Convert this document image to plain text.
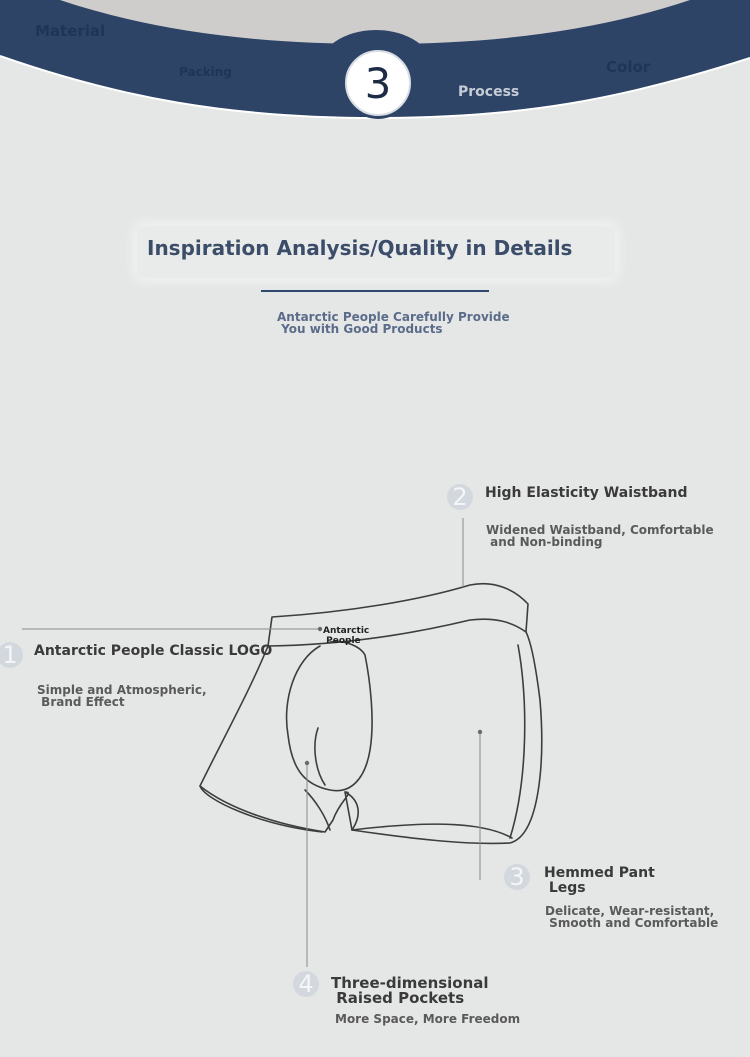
Material
Packing
Process
Color
3
Inspiration Analysis/Quality in Details
Antarctic People Carefully Provide
You with Good Products
Antarctic
People
1	Antarctic People Classic LOGO
Simple and Atmospheric,
Brand Effect
2	High Elasticity Waistband
Widened Waistband, Comfortable
and Non-binding
3	Hemmed Pant
Legs
Delicate, Wear-resistant,
Smooth and Comfortable
4	Three-dimensional
Raised Pockets
More Space, More Freedom
